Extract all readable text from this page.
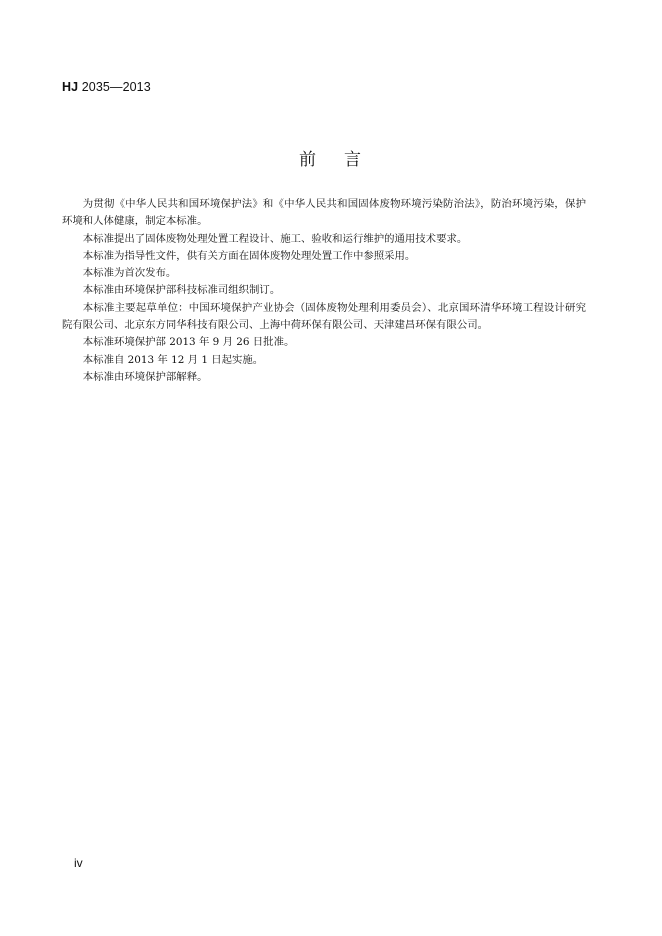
HJ 2035—2013
前 言

为贯彻《中华人民共和国环境保护法》和《中华人民共和国固体废物环境污染防治法》，防治环境污染，保护环境和人体健康，制定本标准。

本标准提出了固体废物处理处置工程设计、施工、验收和运行维护的通用技术要求。

本标准为指导性文件，供有关方面在固体废物处理处置工作中参照采用。

本标准为首次发布。

本标准由环境保护部科技标准司组织制订。

本标准主要起草单位：中国环境保护产业协会（固体废物处理利用委员会）、北京国环清华环境工程设计研究院有限公司、北京东方同华科技有限公司、上海中荷环保有限公司、天津建昌环保有限公司。

本标准环境保护部 2013 年 9 月 26 日批准。

本标准自 2013 年 12 月 1 日起实施。

本标准由环境保护部解释。

iv
